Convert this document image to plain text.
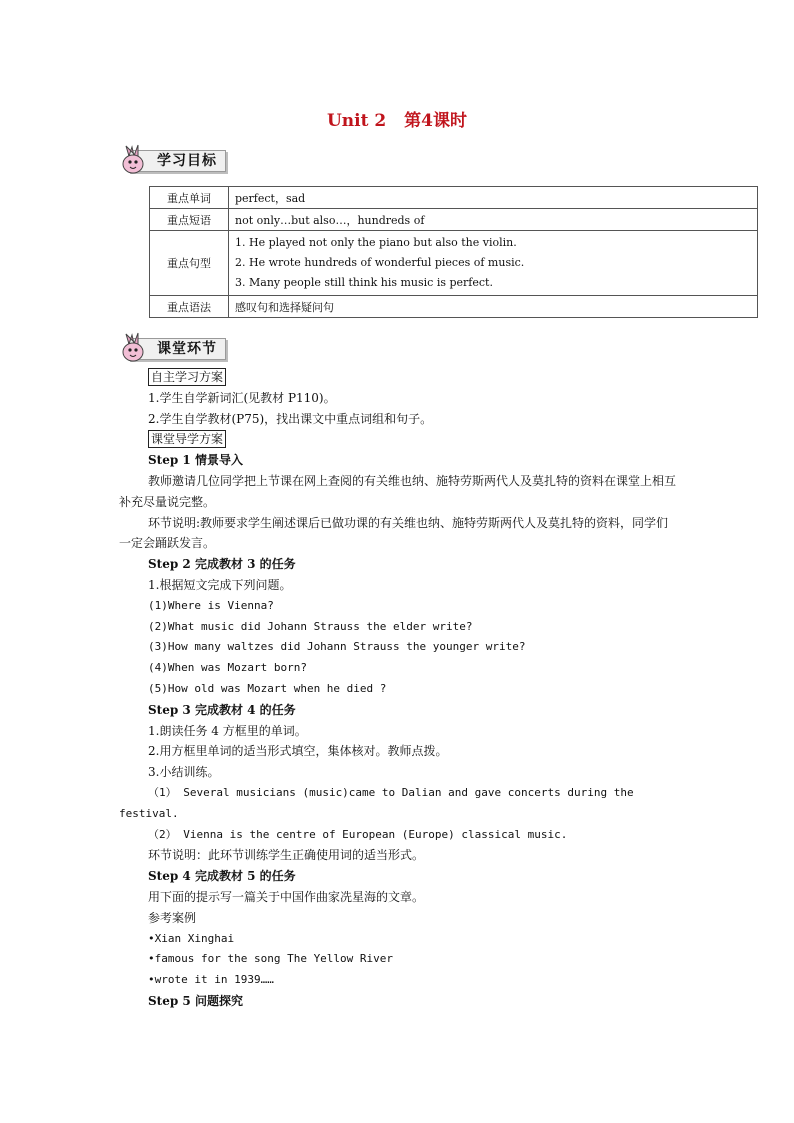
Unit 2 第4课时
学习目标
重点单词	perfect，sad
重点短语	not only…but also…，hundreds of
重点句型	1. He played not only the piano but also the violin.
2. He wrote hundreds of wonderful pieces of music.
3. Many people still think his music is perfect.

重点语法	感叹句和选择疑问句
课堂环节

自主学习方案

1.学生自学新词汇(见教材 P110)。

2.学生自学教材(P75)，找出课文中重点词组和句子。

课堂导学方案

Step 1 情景导入

教师邀请几位同学把上节课在网上查阅的有关维也纳、施特劳斯两代人及莫扎特的资料在课堂上相互补充尽量说完整。

环节说明:教师要求学生阐述课后已做功课的有关维也纳、施特劳斯两代人及莫扎特的资料，同学们一定会踊跃发言。

Step 2 完成教材 3 的任务

1.根据短文完成下列问题。

(1)Where is Vienna?

(2)What music did Johann Strauss the elder write?

(3)How many waltzes did Johann Strauss the younger write?

(4)When was Mozart born?

(5)How old was Mozart when he died ?

Step 3 完成教材 4 的任务

1.朗读任务 4 方框里的单词。

2.用方框里单词的适当形式填空，集体核对。教师点拨。

3.小结训练。

（1） Several musicians (music)came to Dalian and gave concerts during the festival.

（2） Vienna is the centre of European (Europe) classical music.

环节说明：此环节训练学生正确使用词的适当形式。

Step 4 完成教材 5 的任务

用下面的提示写一篇关于中国作曲家冼星海的文章。

参考案例

•Xian Xinghai

•famous for the song The Yellow River

•wrote it in 1939……

Step 5 问题探究
